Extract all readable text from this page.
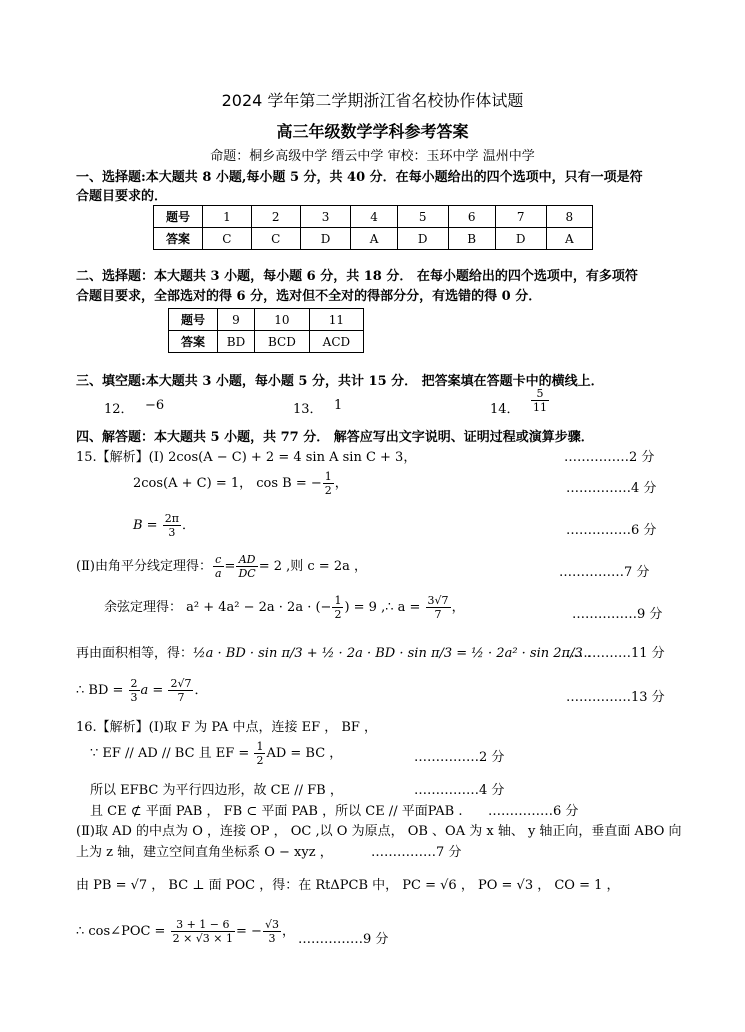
2024 学年第二学期浙江省名校协作体试题
高三年级数学学科参考答案
命题：桐乡高级中学 缙云中学 审校：玉环中学 温州中学
一、选择题:本大题共 8 小题,每小题 5 分，共 40 分．在每小题给出的四个选项中，只有一项是符
合题目要求的．
题号	1	2	3	4	5	6	7	8
答案	C	C	D	A	D	B	D	A
二、选择题：本大题共 3 小题，每小题 6 分，共 18 分． 在每小题给出的四个选项中，有多项符
合题目要求，全部选对的得 6 分，选对但不全对的得部分分，有选错的得 0 分．
题号	9	10	11
答案	BD	BCD	ACD
三、填空题:本大题共 3 小题，每小题 5 分，共计 15 分． 把答案填在答题卡中的横线上．
12． −6	13． 1	14． $\frac{5}{11}$
四、解答题：本大题共 5 小题，共 77 分． 解答应写出文字说明、证明过程或演算步骤．
15.【解析】(Ⅰ) 2cos(A − C) + 2 = 4 sin A sin C + 3，	……………2 分
2cos(A + C) = 1， cos B = − $\frac{1}{2}$ ，	……………4 分
$B = \frac{2\pi}{3}$ ．	……………6 分
(Ⅱ)由角平分线定理得： $\frac{c}{a} = \frac{AD}{DC} = 2$ ,则 c = 2a ，	……………7 分
余弦定理得： a² + 4a² − 2a · 2a · (− $\frac{1}{2}$ ) = 9 ,∴ $a = \frac{3√7}{7}$ ，	……………9 分
再由面积相等，得：½a · BD · sin π/3 + ½ · 2a · BD · sin π/3 = ½ · 2a² · sin 2π/3 .
……………11 分
∴ BD = $\frac{2}{3}$ $a = \frac{2√7}{7}$ ．	……………13 分
16.【解析】(Ⅰ)取 F 为 PA 中点，连接 EF ， BF ，
∵ EF // AD // BC 且 EF = $\frac{1}{2}$ AD = BC ，	……………2 分
所以 EFBC 为平行四边形，故 CE // FB ，	……………4 分
且 CE ⊄ 平面 PAB ， FB ⊂ 平面 PAB ，所以 CE // 平面PAB . ……………6 分
(Ⅱ)取 AD 的中点为 O ，连接 OP ， OC ,以 O 为原点， OB 、OA 为 x 轴、 y 轴正向，垂直面 ABO 向
上为 z 轴，建立空间直角坐标系 O − xyz ，	……………7 分
由 PB = √7 ， BC ⊥ 面 POC ，得：在 RtΔPCB 中， PC = √6 ， PO = √3 ， CO = 1 ，
∴ cos∠POC = $\frac{3 + 1 - 6}{2 \times √3 \times 1}$ = − $\frac{√3}{3}$ ，
……………9 分
